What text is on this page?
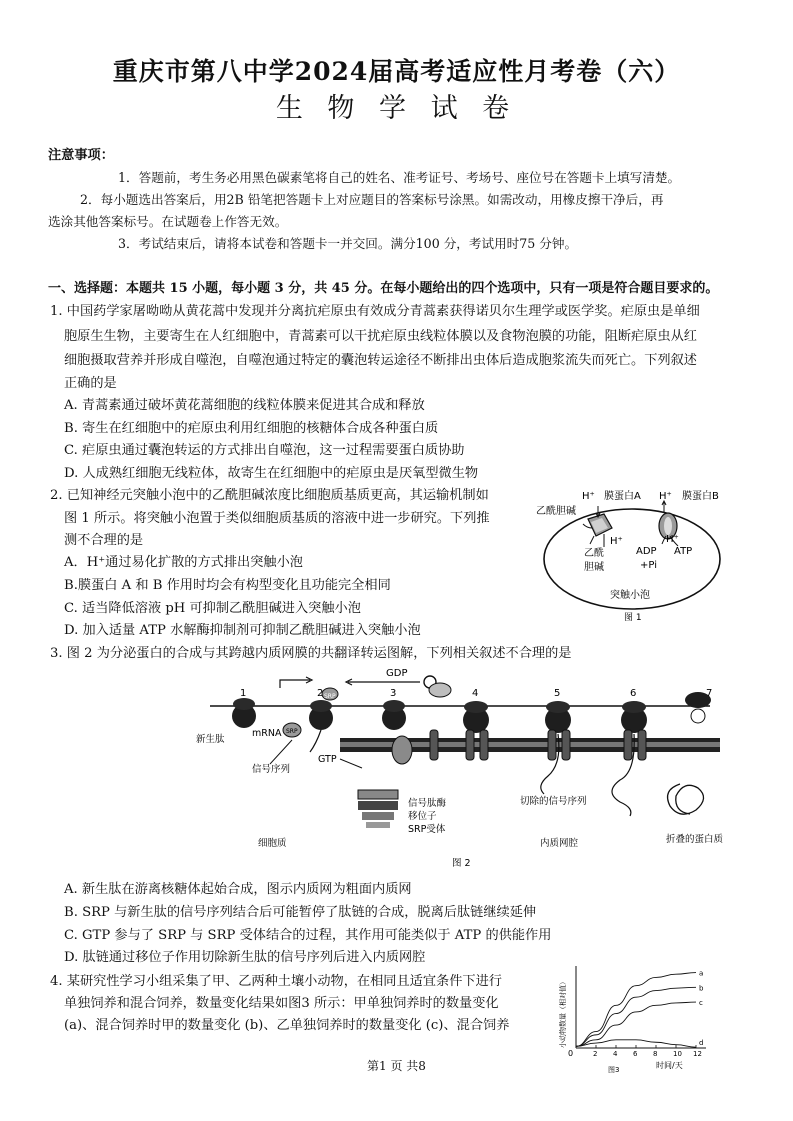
重庆市第八中学2024届高考适应性月考卷（六）
生 物 学 试 卷
注意事项：
1．答题前，考生务必用黑色碳素笔将自己的姓名、准考证号、考场号、座位号在答题卡上填写清楚。
2．每小题选出答案后，用2B 铅笔把答题卡上对应题目的答案标号涂黑。如需改动，用橡皮擦干净后，再
选涂其他答案标号。在试题卷上作答无效。
3．考试结束后，请将本试卷和答题卡一并交回。满分100 分，考试用时75 分钟。
一、选择题：本题共 15 小题，每小题 3 分，共 45 分。在每小题给出的四个选项中，只有一项是符合题目要求的。
1. 中国药学家屠呦呦从黄花蒿中发现并分离抗疟原虫有效成分青蒿素获得诺贝尔生理学或医学奖。疟原虫是单细
胞原生生物，主要寄生在人红细胞中，青蒿素可以干扰疟原虫线粒体膜以及食物泡膜的功能，阻断疟原虫从红
细胞摄取营养并形成自噬泡，自噬泡通过特定的囊泡转运途径不断排出虫体后造成胞浆流失而死亡。下列叙述
正确的是
A. 青蒿素通过破坏黄花蒿细胞的线粒体膜来促进其合成和释放
B. 寄生在红细胞中的疟原虫利用红细胞的核糖体合成各种蛋白质
C. 疟原虫通过囊泡转运的方式排出自噬泡，这一过程需要蛋白质协助
D. 人成熟红细胞无线粒体，故寄生在红细胞中的疟原虫是厌氧型微生物
2. 已知神经元突触小泡中的乙酰胆碱浓度比细胞质基质更高，其运输机制如
图 1 所示。将突触小泡置于类似细胞质基质的溶液中进一步研究。下列推
测不合理的是
A．H⁺通过易化扩散的方式排出突触小泡
B.膜蛋白 A 和 B 作用时均会有构型变化且功能完全相同
C. 适当降低溶液 pH 可抑制乙酰胆碱进入突触小泡
D. 加入适量 ATP 水解酶抑制剂可抑制乙酰胆碱进入突触小泡
H⁺ 膜蛋白A H⁺ 膜蛋白B
乙酰胆碱
H⁺
乙酰
胆碱
ADP
+Pi
H⁺
ATP
突触小泡
图 1
3. 图 2 为分泌蛋白的合成与其跨越内质网膜的共翻译转运图解，下列相关叙述不合理的是
1	2	3	4	5	6	7
GDP
SRP
SRP
mRNA
新生肽
GTP
信号序列
信号肽酶
移位子
SRP受体
切除的信号序列
细胞质	内质网腔	折叠的蛋白质
图 2
A. 新生肽在游离核糖体起始合成，图示内质网为粗面内质网
B. SRP 与新生肽的信号序列结合后可能暂停了肽链的合成，脱离后肽链继续延伸
C. GTP 参与了 SRP 与 SRP 受体结合的过程，其作用可能类似于 ATP 的供能作用
D. 肽链通过移位子作用切除新生肽的信号序列后进入内质网腔
4. 某研究性学习小组采集了甲、乙两种土壤小动物，在相同且适宜条件下进行
单独饲养和混合饲养，数量变化结果如图3 所示：甲单独饲养时的数量变化
(a)、混合饲养时甲的数量变化 (b)、乙单独饲养时的数量变化 (c)、混合饲养
2 4 6 8 10 12
a
b
c
d
0
小动物数量（相对值）
时间/天
图3
第1 页 共8
